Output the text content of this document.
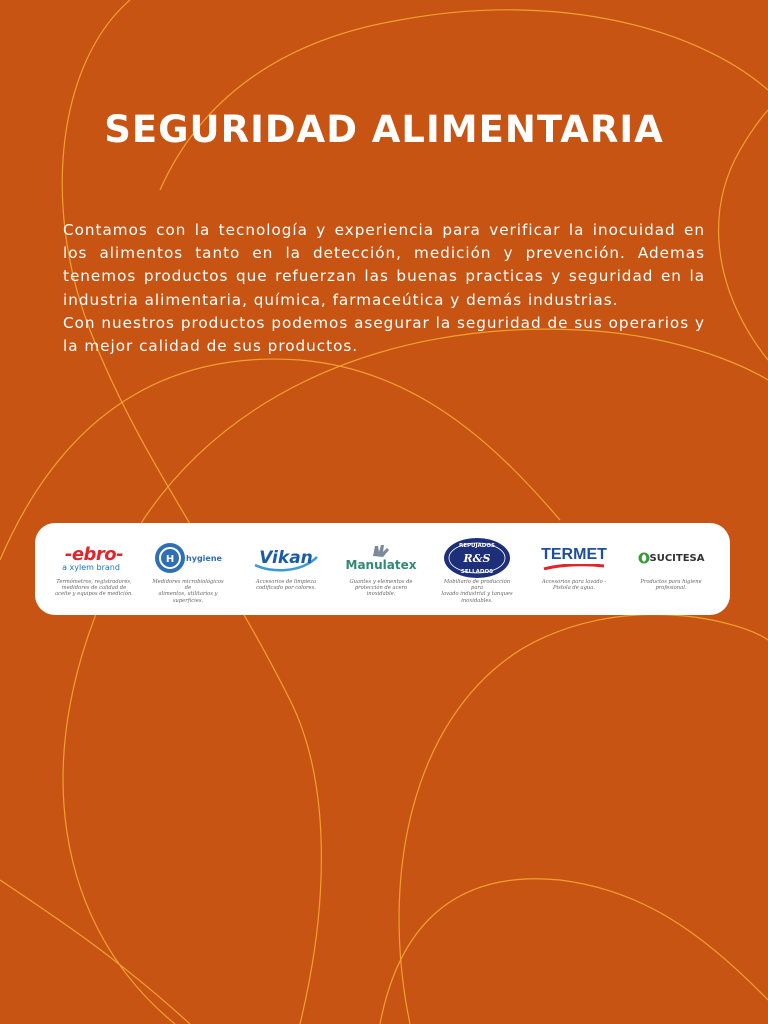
SEGURIDAD ALIMENTARIA

Contamos con la tecnología y experiencia para verificar la inocuidad en los alimentos tanto en la detección, medición y prevención. Ademas tenemos productos que refuerzan las buenas practicas y seguridad en la industria alimentaria, química, farmaceútica y demás industrias.

Con nuestros productos podemos asegurar la seguridad de sus operarios y la mejor calidad de sus productos.

-ebro-
a xylem brand
Termómetros, registradores,
medidores de calidad de
aceite y equipos de medición.
H hygiene
Medidores microbiológicos de
alimentos, utilitarios y
superficies.
Vikan
Accesorios de limpieza
codificado por colores.
Manulatex
Guantes y elementos de
protección de acero
inoxidable.
REPUJADOS
R&S
SELLADOS
Mobiliario de producción para
lavado industrial y tanques
inoxidables.
TERMET
Accesorios para lavado -
Pistola de agua.
SUCITESA
Productos para higiene
profesional.
